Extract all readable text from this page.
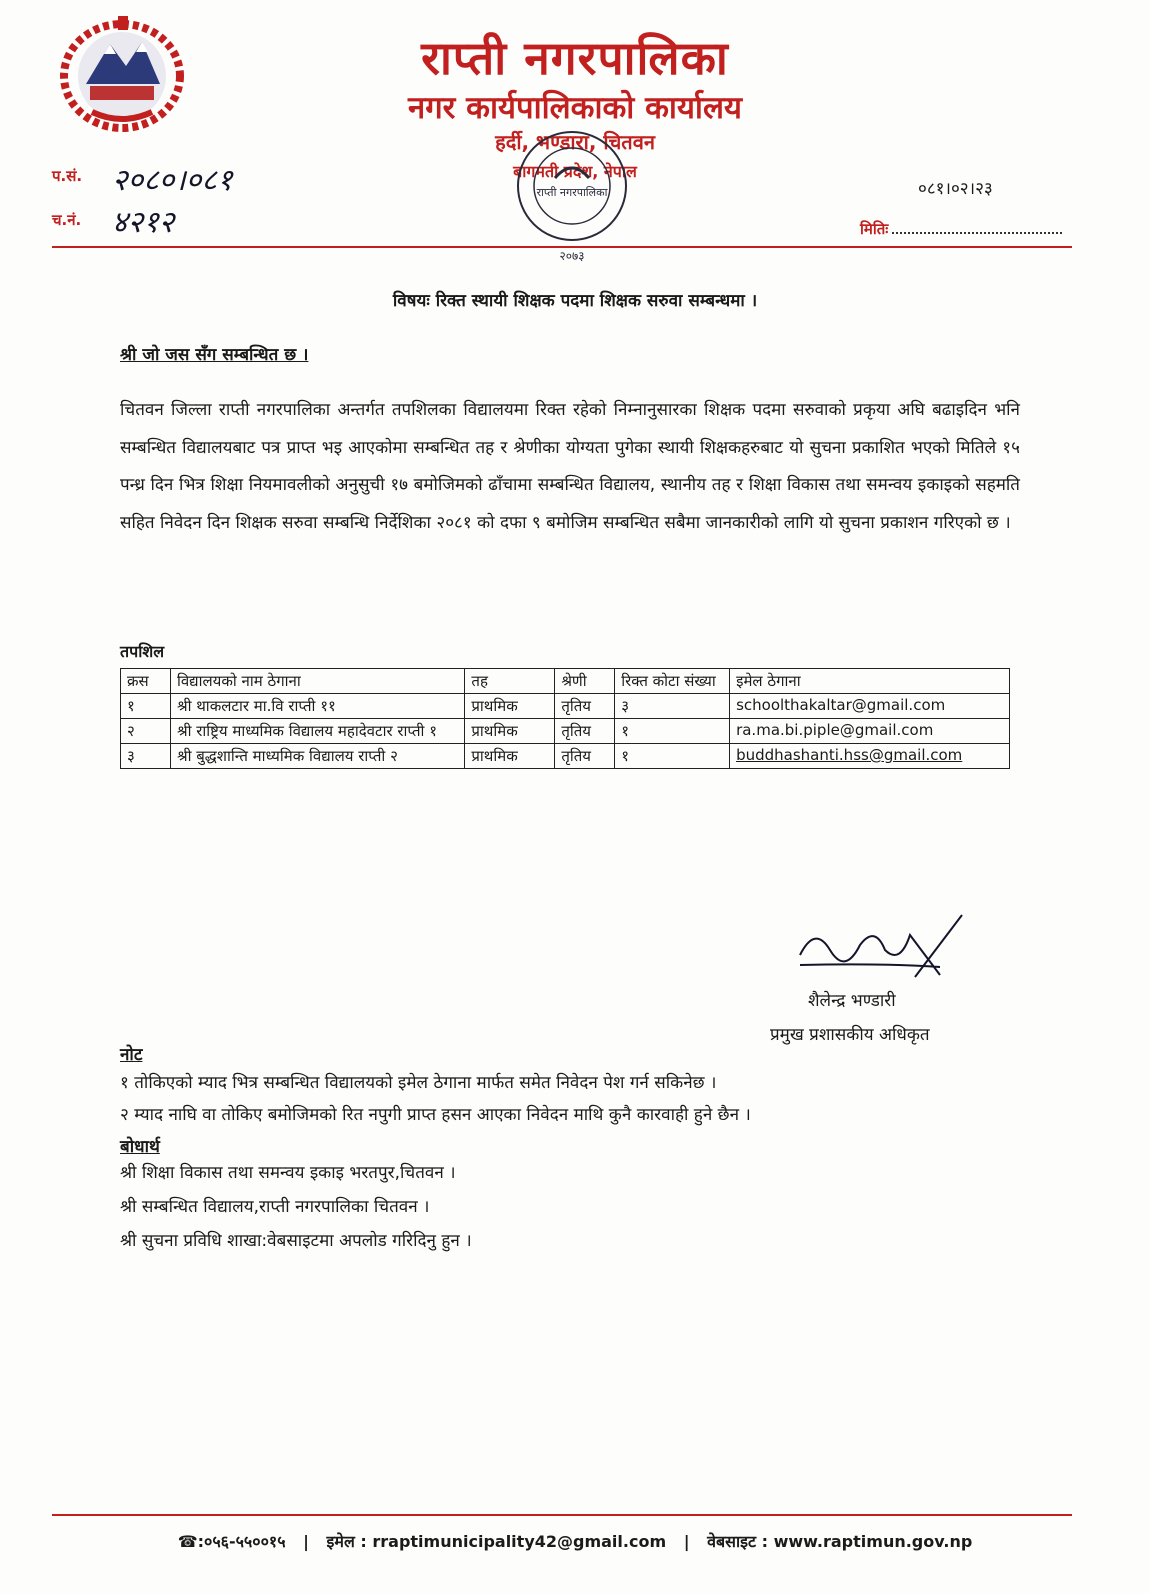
राप्ती नगरपालिका
नगर कार्यपालिकाको कार्यालय
हर्दी, भण्डारा, चितवन
बागमती प्रदेश, नेपाल
राप्ती नगरपालिका
२०७३
प.सं. २०८०।०८१
च.नं. ४२१२
०८१।०२।२३
मितिः
विषयः रिक्त स्थायी शिक्षक पदमा शिक्षक सरुवा सम्बन्धमा ।
श्री जो जस सँग सम्बन्धित छ ।
चितवन जिल्ला राप्ती नगरपालिका अन्तर्गत तपशिलका विद्यालयमा रिक्त रहेको निम्नानुसारका शिक्षक पदमा सरुवाको प्रकृया अघि बढाइदिन भनि सम्बन्धित विद्यालयबाट पत्र प्राप्त भइ आएकोमा सम्बन्धित तह र श्रेणीका योग्यता पुगेका स्थायी शिक्षकहरुबाट यो सुचना प्रकाशित भएको मितिले १५ पन्ध्र दिन भित्र शिक्षा नियमावलीको अनुसुची १७ बमोजिमको ढाँचामा सम्बन्धित विद्यालय, स्थानीय तह र शिक्षा विकास तथा समन्वय इकाइको सहमति सहित निवेदन दिन शिक्षक सरुवा सम्बन्धि निर्देशिका २०८१ को दफा ९ बमोजिम सम्बन्धित सबैमा जानकारीको लागि यो सुचना प्रकाशन गरिएको छ ।
तपशिल
क्रस	विद्यालयको नाम ठेगाना	तह	श्रेणी	रिक्त कोटा संख्या	इमेल ठेगाना
१	श्री थाकलटार मा.वि राप्ती ११	प्राथमिक	तृतिय	३	schoolthakaltar@gmail.com
२	श्री राष्ट्रिय माध्यमिक विद्यालय महादेवटार राप्ती १	प्राथमिक	तृतिय	१	ra.ma.bi.piple@gmail.com
३	श्री बुद्धशान्ति माध्यमिक विद्यालय राप्ती २	प्राथमिक	तृतिय	१	buddhashanti.hss@gmail.com
शैलेन्द्र भण्डारी
प्रमुख प्रशासकीय अधिकृत
नोट
१ तोकिएको म्याद भित्र सम्बन्धित विद्यालयको इमेल ठेगाना मार्फत समेत निवेदन पेश गर्न सकिनेछ ।
२ म्याद नाघि वा तोकिए बमोजिमको रित नपुगी प्राप्त हसन आएका निवेदन माथि कुनै कारवाही हुने छैन ।
बोधार्थ
श्री शिक्षा विकास तथा समन्वय इकाइ भरतपुर,चितवन ।
श्री सम्बन्धित विद्यालय,राप्ती नगरपालिका चितवन ।
श्री सुचना प्रविधि शाखा:वेबसाइटमा अपलोड गरिदिनु हुन ।
☎:०५६-५५००१५ | इमेल : rraptimunicipality42@gmail.com | वेबसाइट : www.raptimun.gov.np
